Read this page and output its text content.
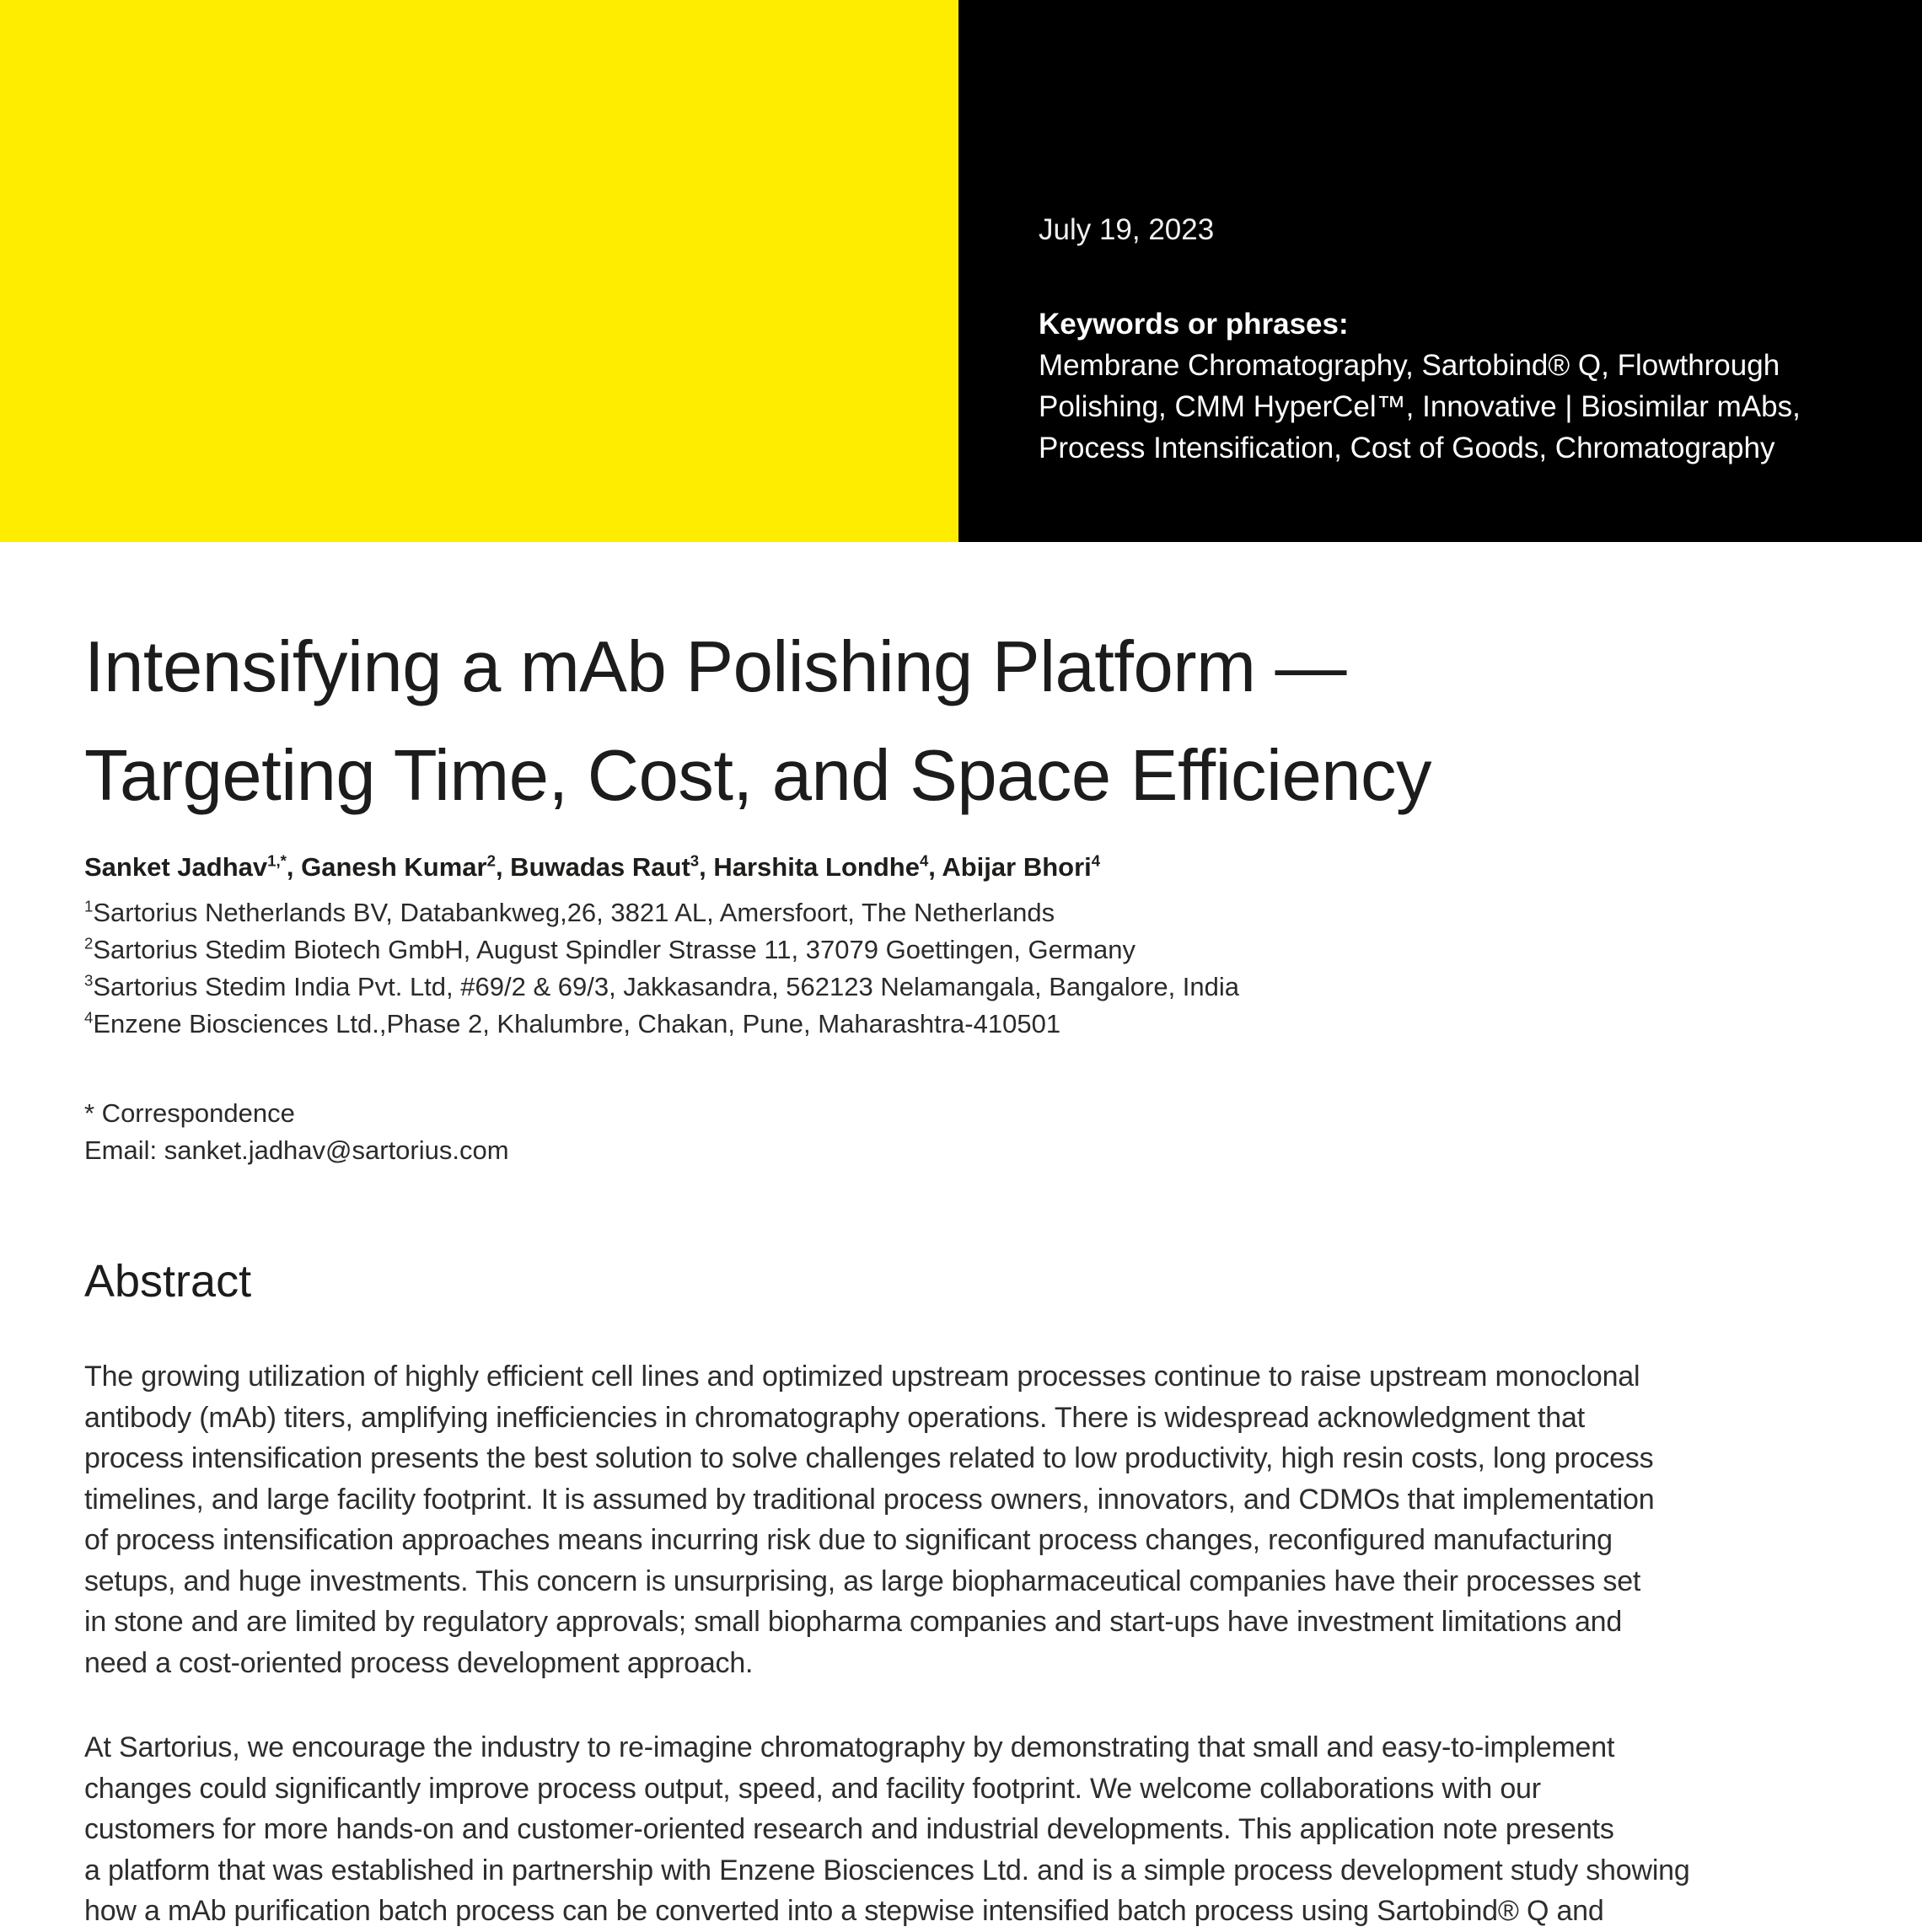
July 19, 2023
Keywords or phrases:
Membrane Chromatography, Sartobind® Q, Flowthrough
Polishing, CMM HyperCel™, Innovative | Biosimilar mAbs,
Process Intensification, Cost of Goods, Chromatography
Intensifying a mAb Polishing Platform —
Targeting Time, Cost, and Space Efficiency
Sanket Jadhav$^{1,*}$, Ganesh Kumar$^2$, Buwadas Raut$^3$, Harshita Londhe$^4$, Abijar Bhori$^4$
$^1$Sartorius Netherlands BV, Databankweg,26, 3821 AL, Amersfoort, The Netherlands
$^2$Sartorius Stedim Biotech GmbH, August Spindler Strasse 11, 37079 Goettingen, Germany
$^3$Sartorius Stedim India Pvt. Ltd, #69/2 & 69/3, Jakkasandra, 562123 Nelamangala, Bangalore, India
$^4$Enzene Biosciences Ltd.,Phase 2, Khalumbre, Chakan, Pune, Maharashtra-410501
* Correspondence
Email: sanket.jadhav@sartorius.com
Abstract
The growing utilization of highly efficient cell lines and optimized upstream processes continue to raise upstream monoclonal
antibody (mAb) titers, amplifying inefficiencies in chromatography operations. There is widespread acknowledgment that
process intensification presents the best solution to solve challenges related to low productivity, high resin costs, long process
timelines, and large facility footprint. It is assumed by traditional process owners, innovators, and CDMOs that implementation
of process intensification approaches means incurring risk due to significant process changes, reconfigured manufacturing
setups, and huge investments. This concern is unsurprising, as large biopharmaceutical companies have their processes set
in stone and are limited by regulatory approvals; small biopharma companies and start-ups have investment limitations and
need a cost-oriented process development approach.
At Sartorius, we encourage the industry to re-imagine chromatography by demonstrating that small and easy-to-implement
changes could significantly improve process output, speed, and facility footprint. We welcome collaborations with our
customers for more hands-on and customer-oriented research and industrial developments. This application note presents
a platform that was established in partnership with Enzene Biosciences Ltd. and is a simple process development study showing
how a mAb purification batch process can be converted into a stepwise intensified batch process using Sartobind® Q and
